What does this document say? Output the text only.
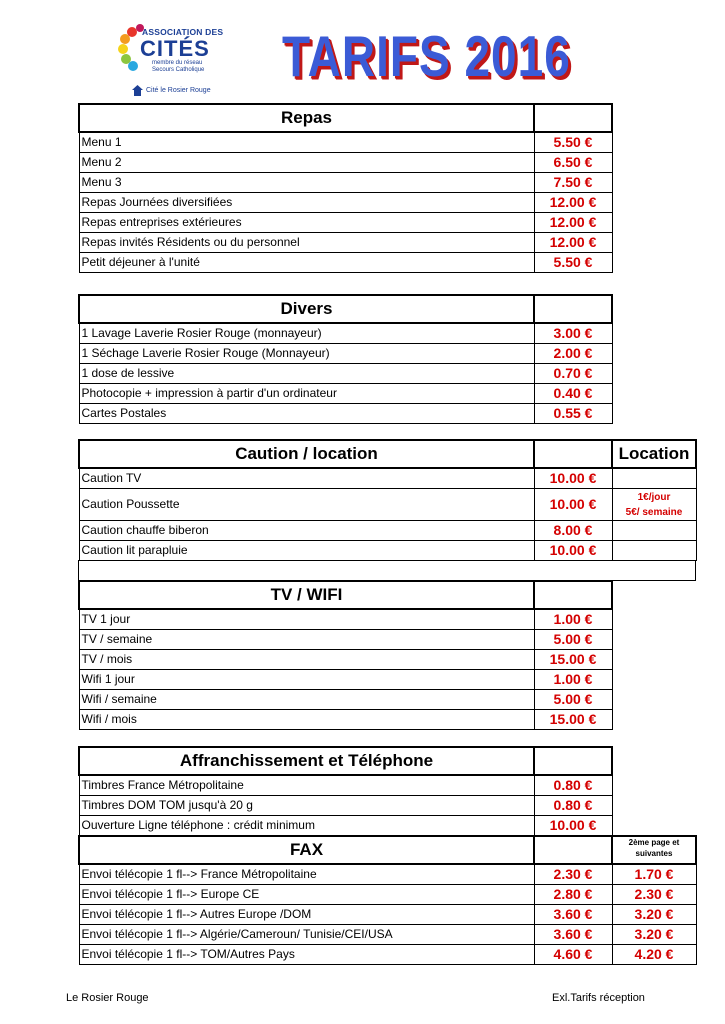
ASSOCIATION DES
CITÉS
membre du réseau
Secours Catholique
Cité le Rosier Rouge
TARIFS 2016
Repas	
Menu 1	5.50 €
Menu 2	6.50 €
Menu 3	7.50 €
Repas Journées diversifiées	12.00 €
Repas entreprises extérieures	12.00 €
Repas invités Résidents ou du personnel	12.00 €
Petit déjeuner à l'unité	5.50 €
Divers	
1 Lavage Laverie Rosier Rouge (monnayeur)	3.00 €
1 Séchage Laverie Rosier Rouge (Monnayeur)	2.00 €
1 dose de lessive	0.70 €
Photocopie + impression à partir d'un ordinateur	0.40 €
Cartes Postales	0.55 €
Caution / location		Location
Caution TV	10.00 €	
Caution Poussette	10.00 €	1€/jour
5€/ semaine

Caution chauffe biberon	8.00 €	
Caution lit parapluie	10.00 €	
TV / WIFI	
TV 1 jour	1.00 €
TV / semaine	5.00 €
TV / mois	15.00 €
Wifi 1 jour	1.00 €
Wifi / semaine	5.00 €
Wifi / mois	15.00 €
Affranchissement et Téléphone		
Timbres France Métropolitaine	0.80 €	
Timbres DOM TOM jusqu'à 20 g	0.80 €	
Ouverture Ligne téléphone : crédit minimum	10.00 €	
FAX		2ème page et suivantes
Envoi télécopie 1 fl--> France Métropolitaine	2.30 €	1.70 €
Envoi télécopie 1 fl--> Europe CE	2.80 €	2.30 €
Envoi télécopie 1 fl--> Autres Europe /DOM	3.60 €	3.20 €
Envoi télécopie 1 fl--> Algérie/Cameroun/ Tunisie/CEI/USA	3.60 €	3.20 €
Envoi télécopie 1 fl--> TOM/Autres Pays	4.60 €	4.20 €
Le Rosier Rouge	Exl.Tarifs réception
